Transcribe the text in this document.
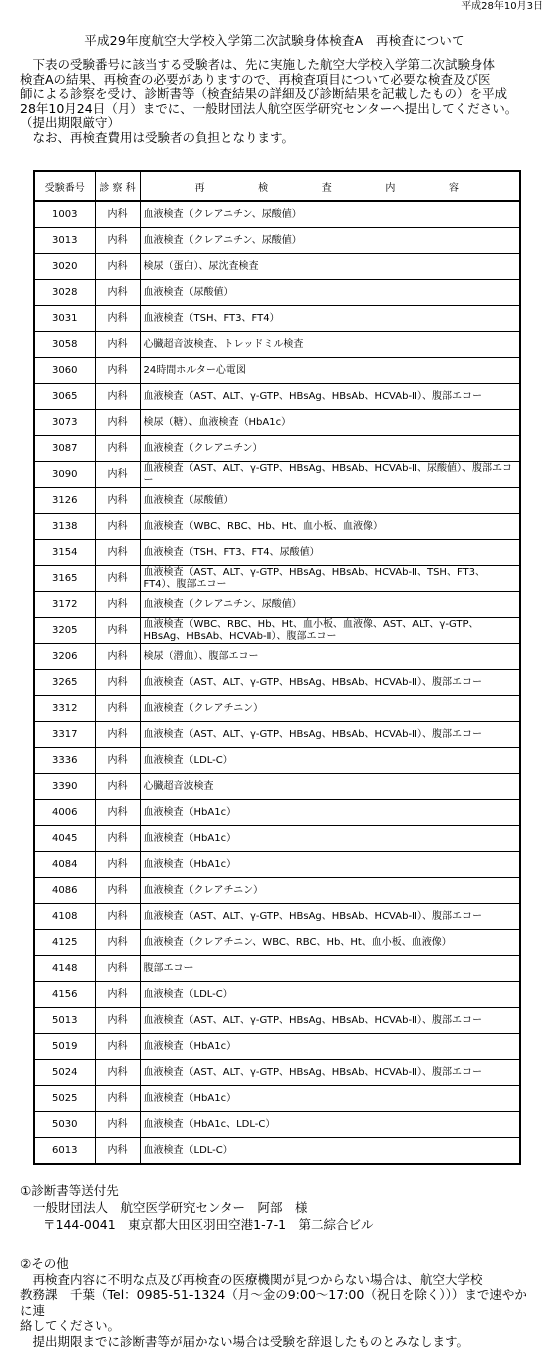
平成28年10月3日
平成29年度航空大学校入学第二次試験身体検査A　再検査について

　下表の受験番号に該当する受験者は、先に実施した航空大学校入学第二次試験身体

検査Aの結果、再検査の必要がありますので、再検査項目について必要な検査及び医

師による診察を受け、診断書等（検査結果の詳細及び診断結果を記載したもの）を平成

28年10月24日（月）までに、一般財団法人航空医学研究センターへ提出してください。

（提出期限厳守）

　なお、再検査費用は受験者の負担となります。

受験番号	診 察 科	再 検 査 内 容

1003	内科	血液検査（クレアニチン、尿酸値）
3013	内科	血液検査（クレアニチン、尿酸値）
3020	内科	検尿（蛋白）、尿沈査検査
3028	内科	血液検査（尿酸値）
3031	内科	血液検査（TSH、FT3、FT4）
3058	内科	心臓超音波検査、トレッドミル検査
3060	内科	24時間ホルター心電図
3065	内科	血液検査（AST、ALT、γ-GTP、HBsAg、HBsAb、HCVAb-Ⅱ）、腹部エコー
3073	内科	検尿（糖）、血液検査（HbA1c）
3087	内科	血液検査（クレアニチン）
3090	内科	血液検査（AST、ALT、γ-GTP、HBsAg、HBsAb、HCVAb-Ⅱ、尿酸値）、腹部エコー
3126	内科	血液検査（尿酸値）
3138	内科	血液検査（WBC、RBC、Hb、Ht、血小板、血液像）
3154	内科	血液検査（TSH、FT3、FT4、尿酸値）
3165	内科	血液検査（AST、ALT、γ-GTP、HBsAg、HBsAb、HCVAb-Ⅱ、TSH、FT3、FT4）、腹部エコー
3172	内科	血液検査（クレアニチン、尿酸値）
3205	内科	血液検査（WBC、RBC、Hb、Ht、血小板、血液像、AST、ALT、γ-GTP、HBsAg、HBsAb、HCVAb-Ⅱ）、腹部エコー
3206	内科	検尿（潜血）、腹部エコー
3265	内科	血液検査（AST、ALT、γ-GTP、HBsAg、HBsAb、HCVAb-Ⅱ）、腹部エコー
3312	内科	血液検査（クレアチニン）
3317	内科	血液検査（AST、ALT、γ-GTP、HBsAg、HBsAb、HCVAb-Ⅱ）、腹部エコー
3336	内科	血液検査（LDL-C）
3390	内科	心臓超音波検査
4006	内科	血液検査（HbA1c）
4045	内科	血液検査（HbA1c）
4084	内科	血液検査（HbA1c）
4086	内科	血液検査（クレアチニン）
4108	内科	血液検査（AST、ALT、γ-GTP、HBsAg、HBsAb、HCVAb-Ⅱ）、腹部エコー
4125	内科	血液検査（クレアチニン、WBC、RBC、Hb、Ht、血小板、血液像）
4148	内科	腹部エコー
4156	内科	血液検査（LDL-C）
5013	内科	血液検査（AST、ALT、γ-GTP、HBsAg、HBsAb、HCVAb-Ⅱ）、腹部エコー
5019	内科	血液検査（HbA1c）
5024	内科	血液検査（AST、ALT、γ-GTP、HBsAg、HBsAb、HCVAb-Ⅱ）、腹部エコー
5025	内科	血液検査（HbA1c）
5030	内科	血液検査（HbA1c、LDL-C）
6013	内科	血液検査（LDL-C）
①診断書等送付先
一般財団法人　航空医学研究センター　阿部　様
〒144-0041　東京都大田区羽田空港1-7-1　第二綜合ビル
②その他

　再検査内容に不明な点及び再検査の医療機関が見つからない場合は、航空大学校

教務課　千葉（Tel：0985-51-1324（月～金の9:00～17:00（祝日を除く）））まで速やかに連

絡してください。

　提出期限までに診断書等が届かない場合は受験を辞退したものとみなします。
